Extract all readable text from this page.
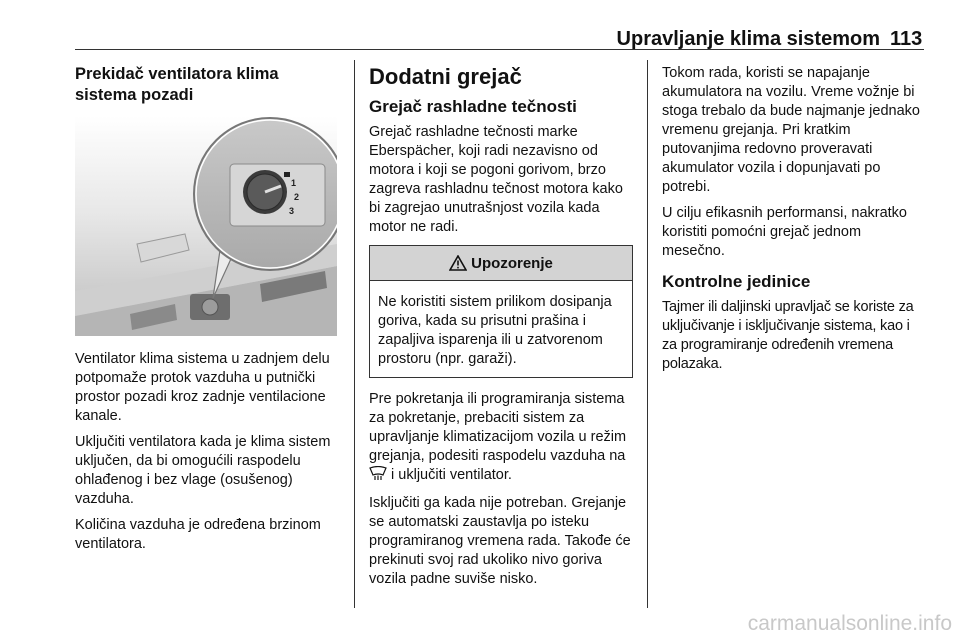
Upravljanje klima sistemom 113
Prekidač ventilatora klima sistema pozadi
1
2
3

Ventilator klima sistema u zadnjem delu potpomaže protok vazduha u putnički prostor pozadi kroz zadnje ventilacione kanale.

Uključiti ventilatora kada je klima sistem uključen, da bi omogućili raspodelu ohlađenog i bez vlage (osušenog) vazduha.

Količina vazduha je određena brzinom ventilatora.

Dodatni grejač
Grejač rashladne tečnosti

Grejač rashladne tečnosti marke Eberspächer, koji radi nezavisno od motora i koji se pogoni gorivom, brzo zagreva rashladnu tečnost motora kako bi zagrejao unutrašnjost vozila kada motor ne radi.

Upozorenje
Ne koristiti sistem prilikom dosipanja goriva, kada su prisutni prašina i zapaljiva isparenja ili u zatvorenom prostoru (npr. garaži).

Pre pokretanja ili programiranja sistema za pokretanje, prebaciti sistem za upravljanje klimatizacijom vozila u režim grejanja, podesiti raspodelu vazduha na  i uključiti ventilator.

Isključiti ga kada nije potreban. Grejanje se automatski zaustavlja po isteku programiranog vremena rada. Takođe će prekinuti svoj rad ukoliko nivo goriva vozila padne suviše nisko.

Tokom rada, koristi se napajanje akumulatora na vozilu. Vreme vožnje bi stoga trebalo da bude najmanje jednako vremenu grejanja. Pri kratkim putovanjima redovno proveravati akumulator vozila i dopunjavati po potrebi.

U cilju efikasnih performansi, nakratko koristiti pomoćni grejač jednom mesečno.

Kontrolne jedinice

Tajmer ili daljinski upravljač se koriste za uključivanje i isključivanje sistema, kao i za programiranje određenih vremena polazaka.

carmanualsonline.info
